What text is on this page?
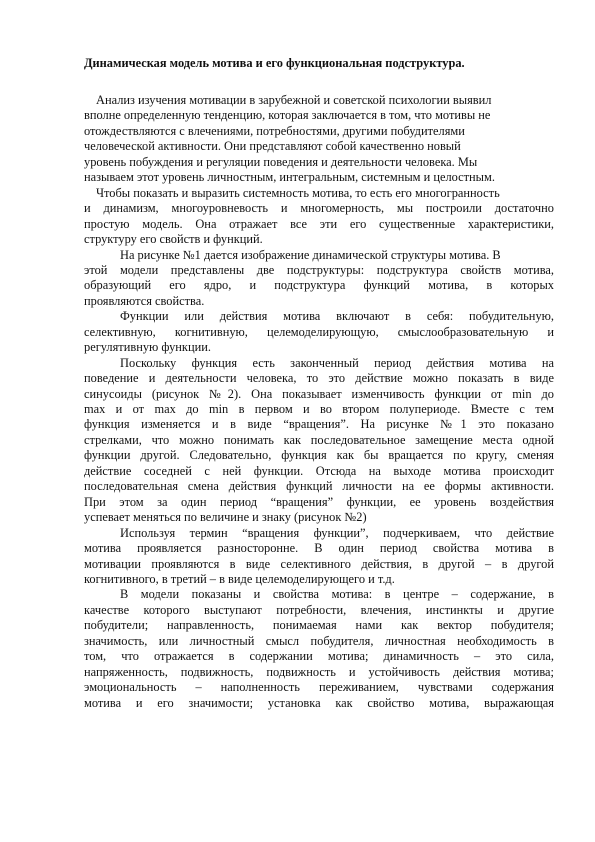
Динамическая модель мотива и его функциональная подструктура.
Анализ изучения мотивации в зарубежной и советской психологии выявил
вполне определенную тенденцию, которая заключается в том, что мотивы не
отождествляются с влечениями, потребностями, другими побудителями
человеческой активности. Они представляют собой качественно новый
уровень побуждения и регуляции поведения и деятельности человека. Мы
называем этот уровень личностным, интегральным, системным и целостным.
Чтобы показать и выразить системность мотива, то есть его многогранность
и динамизм, многоуровневость и многомерность, мы построили достаточно
простую модель. Она отражает все эти его существенные характеристики,
структуру его свойств и функций.
На рисунке №1 дается изображение динамической структуры мотива. В
этой модели представлены две подструктуры: подструктура свойств мотива,
образующий его ядро, и подструктура функций мотива, в которых
проявляются свойства.
Функции или действия мотива включают в себя: побудительную,
селективную, когнитивную, целемоделирующую, смыслообразовательную и
регулятивную функции.
Поскольку функция есть законченный период действия мотива на
поведение и деятельности человека, то это действие можно показать в виде
синусоиды (рисунок №2). Она показывает изменчивость функции от min до
max и от max до min в первом и во втором полупериоде. Вместе с тем
функция изменяется и в виде “вращения”. На рисунке №1 это показано
стрелками, что можно понимать как последовательное замещение места одной
функции другой. Следовательно, функция как бы вращается по кругу, сменяя
действие соседней с ней функции. Отсюда на выходе мотива происходит
последовательная смена действия функций личности на ее формы активности.
При этом за один период “вращения” функции, ее уровень воздействия
успевает меняться по величине и знаку (рисунок №2)
Используя термин “вращения функции”, подчеркиваем, что действие
мотива проявляется разносторонне. В один период свойства мотива в
мотивации проявляются в виде селективного действия, в другой – в другой
когнитивного, в третий – в виде целемоделирующего и т.д.
В модели показаны и свойства мотива: в центре – содержание, в
качестве которого выступают потребности, влечения, инстинкты и другие
побудители; направленность, понимаемая нами как вектор побудителя;
значимость, или личностный смысл побудителя, личностная необходимость в
том, что отражается в содержании мотива; динамичность – это сила,
напряженность, подвижность, подвижность и устойчивость действия мотива;
эмоциональность – наполненность переживанием, чувствами содержания
мотива и его значимости; установка как свойство мотива, выражающая
